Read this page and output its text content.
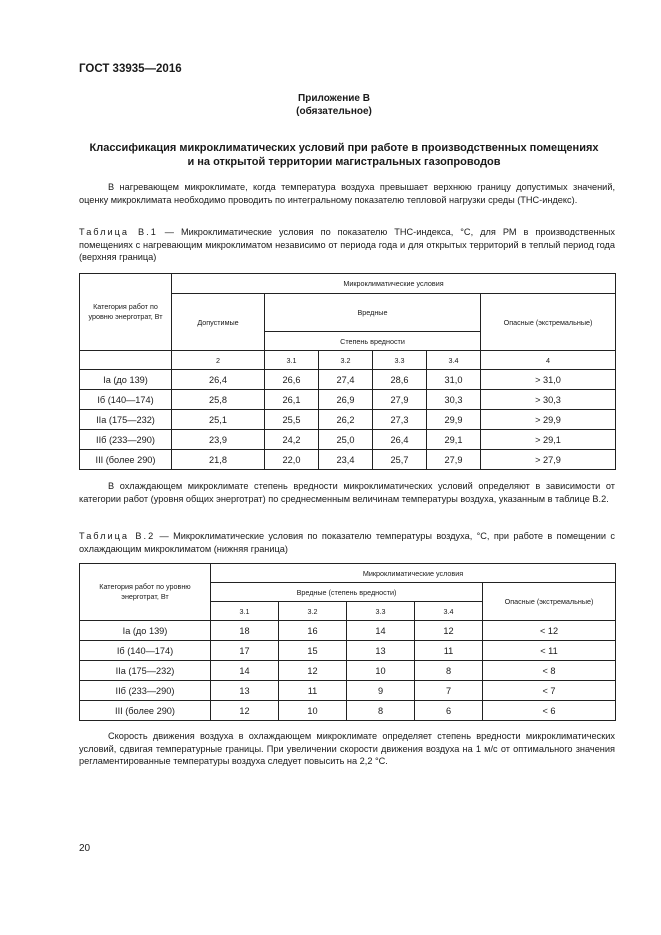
ГОСТ 33935—2016
Приложение В
(обязательное)
Классификация микроклиматических условий при работе в производственных помещениях
и на открытой территории магистральных газопроводов
В нагревающем микроклимате, когда температура воздуха превышает верхнюю границу допустимых значений, оценку микроклимата необходимо проводить по интегральному показателю тепловой нагрузки среды (ТНС-индекс).
Таблица В.1 — Микроклиматические условия по показателю ТНС-индекса, °С, для РМ в производственных помещениях с нагревающим микроклиматом независимо от периода года и для открытых территорий в теплый период года (верхняя граница)
Категория работ по уровню энерготрат, Вт	Микроклиматические условия					
	Допустимые	Вредные				Опасные (экстремальные)
		Степень вредности				
	2	3.1	3.2	3.3	3.4	4
Iа (до 139)	26,4	26,6	27,4	28,6	31,0	> 31,0
Iб (140—174)	25,8	26,1	26,9	27,9	30,3	> 30,3
IIа (175—232)	25,1	25,5	26,2	27,3	29,9	> 29,9
IIб (233—290)	23,9	24,2	25,0	26,4	29,1	> 29,1
III (более 290)	21,8	22,0	23,4	25,7	27,9	> 27,9
В охлаждающем микроклимате степень вредности микроклиматических условий определяют в зависимости от категории работ (уровня общих энерготрат) по среднесменным величинам температуры воздуха, указанным в таблице В.2.
Таблица В.2 — Микроклиматические условия по показателю температуры воздуха, °С, при работе в помещении с охлаждающим микроклиматом (нижняя граница)
Категория работ по уровню энерготрат, Вт	Микроклиматические условия				
	Вредные (степень вредности)				Опасные (экстремальные)
	3.1	3.2	3.3	3.4	
Iа (до 139)	18	16	14	12	< 12
Iб (140—174)	17	15	13	11	< 11
IIа (175—232)	14	12	10	8	< 8
IIб (233—290)	13	11	9	7	< 7
III (более 290)	12	10	8	6	< 6
Скорость движения воздуха в охлаждающем микроклимате определяет степень вредности микроклиматических условий, сдвигая температурные границы. При увеличении скорости движения воздуха на 1 м/с от оптимального значения регламентированные температуры воздуха следует повысить на 2,2 °С.
20
